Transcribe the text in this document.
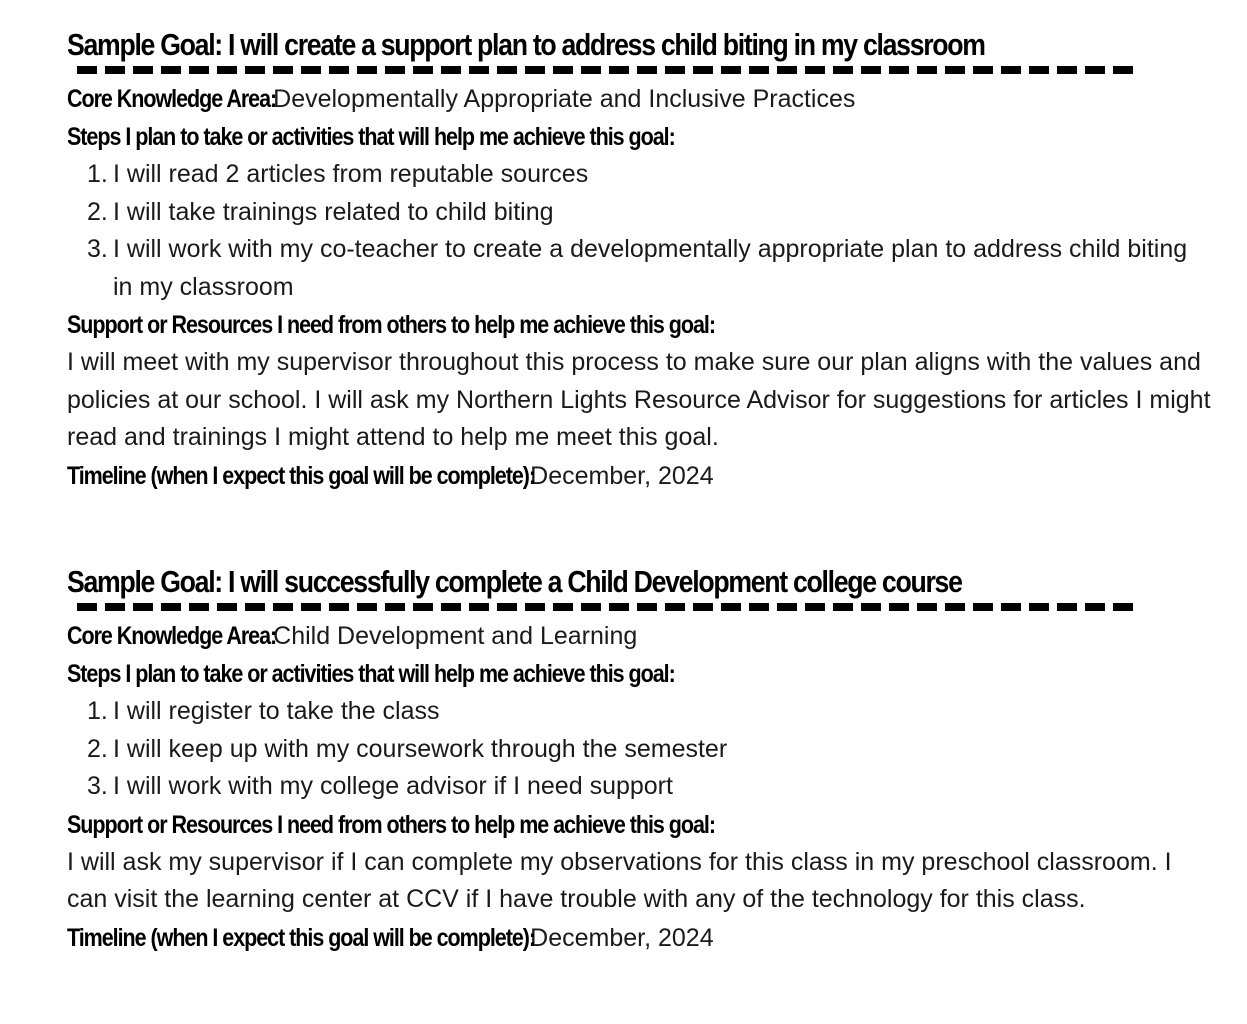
Sample Goal: I will create a support plan to address child biting in my classroom
Core Knowledge Area: Developmentally Appropriate and Inclusive Practices
Steps I plan to take or activities that will help me achieve this goal:
1. I will read 2 articles from reputable sources
2. I will take trainings related to child biting
3. I will work with my co-teacher to create a developmentally appropriate plan to address child biting in my classroom
Support or Resources I need from others to help me achieve this goal:

I will meet with my supervisor throughout this process to make sure our plan aligns with the values and policies at our school. I will ask my Northern Lights Resource Advisor for suggestions for articles I might read and trainings I might attend to help me meet this goal.

Timeline (when I expect this goal will be complete): December, 2024
Sample Goal: I will successfully complete a Child Development college course
Core Knowledge Area: Child Development and Learning
Steps I plan to take or activities that will help me achieve this goal:
1. I will register to take the class
2. I will keep up with my coursework through the semester
3. I will work with my college advisor if I need support
Support or Resources I need from others to help me achieve this goal:

I will ask my supervisor if I can complete my observations for this class in my preschool classroom. I can visit the learning center at CCV if I have trouble with any of the technology for this class.

Timeline (when I expect this goal will be complete): December, 2024
